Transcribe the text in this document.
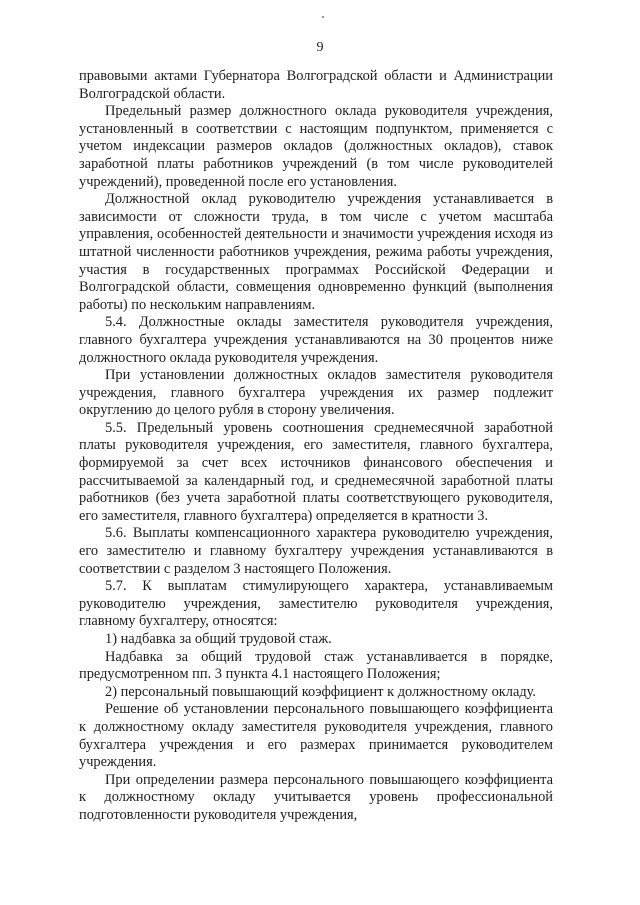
9

правовыми актами Губернатора Волгоградской области и Администрации Волгоградской области.

Предельный размер должностного оклада руководителя учреждения, установленный в соответствии с настоящим подпунктом, применяется с учетом индексации размеров окладов (должностных окладов), ставок заработной платы работников учреждений (в том числе руководителей учреждений), проведенной после его установления.

Должностной оклад руководителю учреждения устанавливается в зависимости от сложности труда, в том числе с учетом масштаба управления, особенностей деятельности и значимости учреждения исходя из штатной численности работников учреждения, режима работы учреждения, участия в государственных программах Российской Федерации и Волгоградской области, совмещения одновременно функций (выполнения работы) по нескольким направлениям.

5.4. Должностные оклады заместителя руководителя учреждения, главного бухгалтера учреждения устанавливаются на 30 процентов ниже должностного оклада руководителя учреждения.

При установлении должностных окладов заместителя руководителя учреждения, главного бухгалтера учреждения их размер подлежит округлению до целого рубля в сторону увеличения.

5.5. Предельный уровень соотношения среднемесячной заработной платы руководителя учреждения, его заместителя, главного бухгалтера, формируемой за счет всех источников финансового обеспечения и рассчитываемой за календарный год, и среднемесячной заработной платы работников (без учета заработной платы соответствующего руководителя, его заместителя, главного бухгалтера) определяется в кратности 3.

5.6. Выплаты компенсационного характера руководителю учреждения, его заместителю и главному бухгалтеру учреждения устанавливаются в соответствии с разделом 3 настоящего Положения.

5.7. К выплатам стимулирующего характера, устанавливаемым руководителю учреждения, заместителю руководителя учреждения, главному бухгалтеру, относятся:

1) надбавка за общий трудовой стаж.

Надбавка за общий трудовой стаж устанавливается в порядке, предусмотренном пп. 3 пункта 4.1 настоящего Положения;

2) персональный повышающий коэффициент к должностному окладу.

Решение об установлении персонального повышающего коэффициента к должностному окладу заместителя руководителя учреждения, главного бухгалтера учреждения и его размерах принимается руководителем учреждения.

При определении размера персонального повышающего коэффициента к должностному окладу учитывается уровень профессиональной подготовленности руководителя учреждения,
